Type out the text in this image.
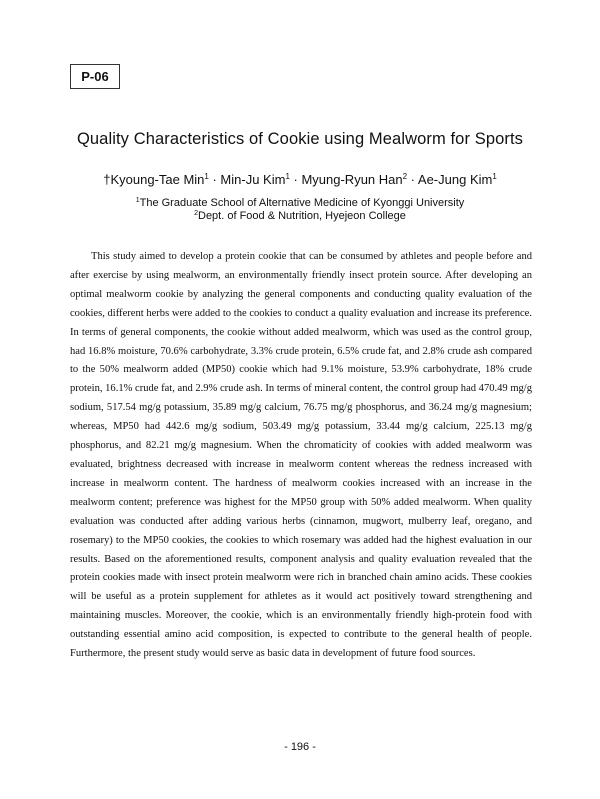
P-06
Quality Characteristics of Cookie using Mealworm for Sports
†Kyoung-Tae Min$^1$ · Min-Ju Kim$^1$ · Myung-Ryun Han$^2$ · Ae-Jung Kim$^1$
$^1$The Graduate School of Alternative Medicine of Kyonggi University
$^2$Dept. of Food & Nutrition, Hyejeon College

This study aimed to develop a protein cookie that can be consumed by athletes and people before and after exercise by using mealworm, an environmentally friendly insect protein source. After developing an optimal mealworm cookie by analyzing the general components and conducting quality evaluation of the cookies, different herbs were added to the cookies to conduct a quality evaluation and increase its preference. In terms of general components, the cookie without added mealworm, which was used as the control group, had 16.8% moisture, 70.6% carbohydrate, 3.3% crude protein, 6.5% crude fat, and 2.8% crude ash compared to the 50% mealworm added (MP50) cookie which had 9.1% moisture, 53.9% carbohydrate, 18% crude protein, 16.1% crude fat, and 2.9% crude ash. In terms of mineral content, the control group had 470.49 mg/g sodium, 517.54 mg/g potassium, 35.89 mg/g calcium, 76.75 mg/g phosphorus, and 36.24 mg/g magnesium; whereas, MP50 had 442.6 mg/g sodium, 503.49 mg/g potassium, 33.44 mg/g calcium, 225.13 mg/g phosphorus, and 82.21 mg/g magnesium. When the chromaticity of cookies with added mealworm was evaluated, brightness decreased with increase in mealworm content whereas the redness increased with increase in mealworm content. The hardness of mealworm cookies increased with an increase in the mealworm content; preference was highest for the MP50 group with 50% added mealworm. When quality evaluation was conducted after adding various herbs (cinnamon, mugwort, mulberry leaf, oregano, and rosemary) to the MP50 cookies, the cookies to which rosemary was added had the highest evaluation in our results. Based on the aforementioned results, component analysis and quality evaluation revealed that the protein cookies made with insect protein mealworm were rich in branched chain amino acids. These cookies will be useful as a protein supplement for athletes as it would act positively toward strengthening and maintaining muscles. Moreover, the cookie, which is an environmentally friendly high-protein food with outstanding essential amino acid composition, is expected to contribute to the general health of people. Furthermore, the present study would serve as basic data in development of future food sources.

- 196 -
